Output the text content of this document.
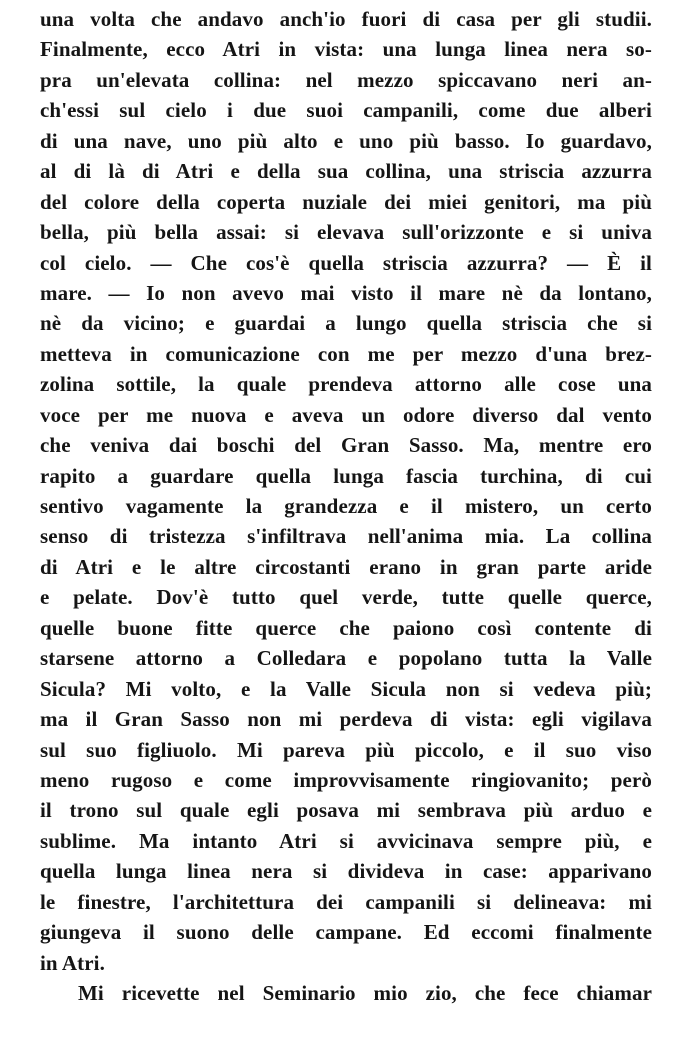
una volta che andavo anch'io fuori di casa per gli studii.
Finalmente, ecco Atri in vista: una lunga linea nera so-
pra un'elevata collina: nel mezzo spiccavano neri an-
ch'essi sul cielo i due suoi campanili, come due alberi
di una nave, uno più alto e uno più basso. Io guardavo,
al di là di Atri e della sua collina, una striscia azzurra
del colore della coperta nuziale dei miei genitori, ma più
bella, più bella assai: si elevava sull'orizzonte e si univa
col cielo. — Che cos'è quella striscia azzurra? — È il
mare. — Io non avevo mai visto il mare nè da lontano,
nè da vicino; e guardai a lungo quella striscia che si
metteva in comunicazione con me per mezzo d'una brez-
zolina sottile, la quale prendeva attorno alle cose una
voce per me nuova e aveva un odore diverso dal vento
che veniva dai boschi del Gran Sasso. Ma, mentre ero
rapito a guardare quella lunga fascia turchina, di cui
sentivo vagamente la grandezza e il mistero, un certo
senso di tristezza s'infiltrava nell'anima mia. La collina
di Atri e le altre circostanti erano in gran parte aride
e pelate. Dov'è tutto quel verde, tutte quelle querce,
quelle buone fitte querce che paiono così contente di
starsene attorno a Colledara e popolano tutta la Valle
Sicula? Mi volto, e la Valle Sicula non si vedeva più;
ma il Gran Sasso non mi perdeva di vista: egli vigilava
sul suo figliuolo. Mi pareva più piccolo, e il suo viso
meno rugoso e come improvvisamente ringiovanito; però
il trono sul quale egli posava mi sembrava più arduo e
sublime. Ma intanto Atri si avvicinava sempre più, e
quella lunga linea nera si divideva in case: apparivano
le finestre, l'architettura dei campanili si delineava: mi
giungeva il suono delle campane. Ed eccomi finalmente
in Atri.
Mi ricevette nel Seminario mio zio, che fece chiamar
